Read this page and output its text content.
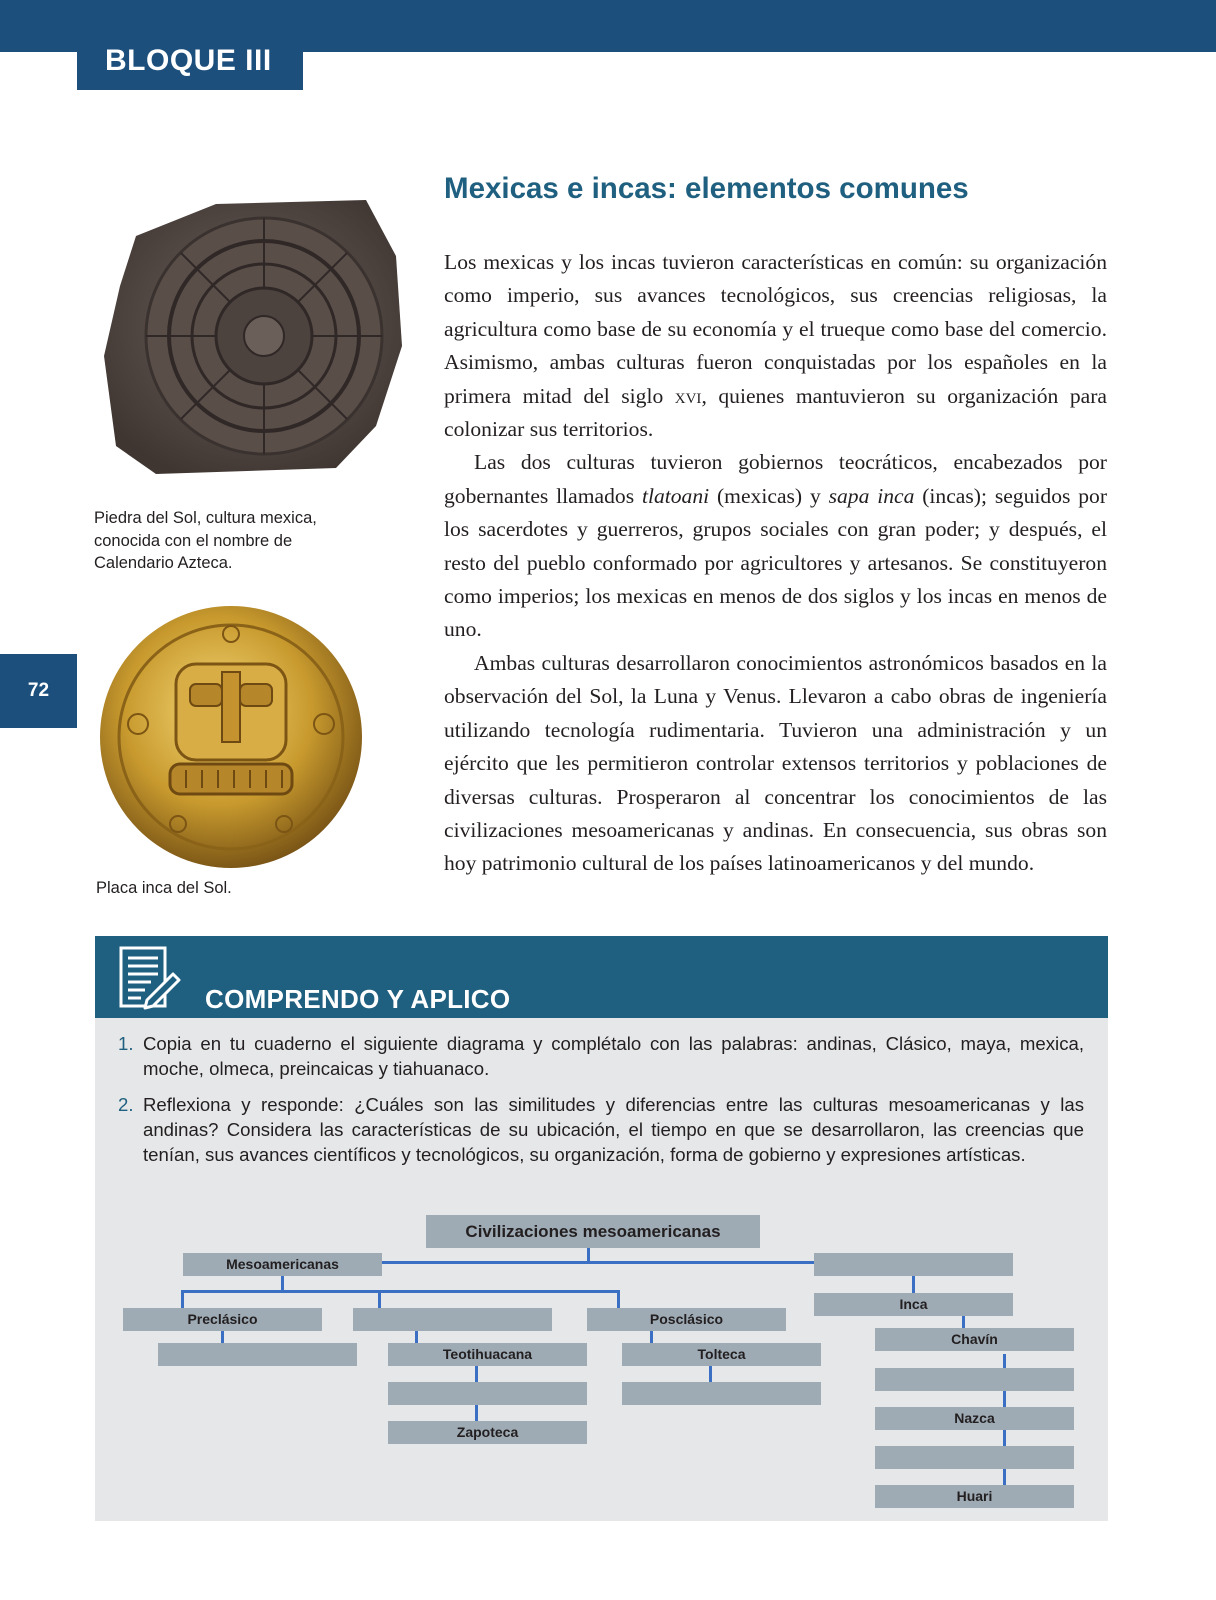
BLOQUE III
72
Piedra del Sol, cultura mexica, conocida con el nombre de Calendario Azteca.
Placa inca del Sol.
Mexicas e incas: elementos comunes

Los mexicas y los incas tuvieron características en común: su organización como imperio, sus avances tecnológicos, sus creencias religiosas, la agricultura como base de su economía y el trueque como base del comercio. Asimismo, ambas culturas fueron conquistadas por los españoles en la primera mitad del siglo xvi, quienes mantuvieron su organización para colonizar sus territorios.

Las dos culturas tuvieron gobiernos teocráticos, encabezados por gobernantes llamados tlatoani (mexicas) y sapa inca (incas); seguidos por los sacerdotes y guerreros, grupos sociales con gran poder; y después, el resto del pueblo conformado por agricultores y artesanos. Se constituyeron como imperios; los mexicas en menos de dos siglos y los incas en menos de uno.

Ambas culturas desarrollaron conocimientos astronómicos basados en la observación del Sol, la Luna y Venus. Llevaron a cabo obras de ingeniería utilizando tecnología rudimentaria. Tuvieron una administración y un ejército que les permitieron controlar extensos territorios y poblaciones de diversas culturas. Prosperaron al concentrar los conocimientos de las civilizaciones mesoamericanas y andinas. En consecuencia, sus obras son hoy patrimonio cultural de los países latinoamericanos y del mundo.

COMPRENDO Y APLICO
1. Copia en tu cuaderno el siguiente diagrama y complétalo con las palabras: andinas, Clásico, maya, mexica, moche, olmeca, preincaicas y tiahuanaco.
2. Reflexiona y responde: ¿Cuáles son las similitudes y diferencias entre las culturas mesoamericanas y las andinas? Considera las características de su ubicación, el tiempo en que se desarrollaron, las creencias que tenían, sus avances científicos y tecnológicos, su organización, forma de gobierno y expresiones artísticas.
Civilizaciones mesoamericanas
Mesoamericanas
Preclásico	Posclásico
Inca
Chavín
Teotihuacana	Tolteca
Nazca
Zapoteca
Huari
